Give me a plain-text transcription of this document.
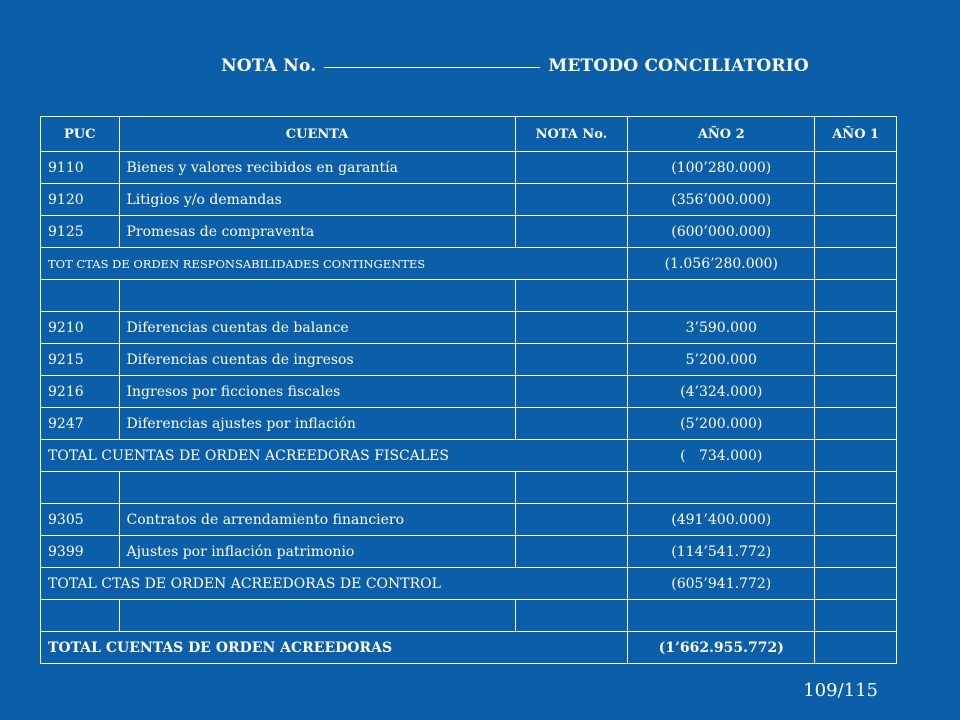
NOTA No.	METODO CONCILIATORIO
PUC	CUENTA	NOTA No.	AÑO 2	AÑO 1
9110	Bienes y valores recibidos en garantía		(100’280.000)	
9120	Litigios y/o demandas		(356’000.000)	
9125	Promesas de compraventa		(600’000.000)	
TOT CTAS DE ORDEN RESPONSABILIDADES CONTINGENTES			(1.056’280.000)	

9210	Diferencias cuentas de balance		3’590.000	
9215	Diferencias cuentas de ingresos		5’200.000	
9216	Ingresos por ficciones fiscales		(4’324.000)	
9247	Diferencias ajustes por inflación		(5’200.000)	
TOTAL CUENTAS DE ORDEN ACREEDORAS FISCALES			(   734.000)	

9305	Contratos de arrendamiento financiero		(491’400.000)	
9399	Ajustes por inflación patrimonio		(114’541.772)	
TOTAL CTAS DE ORDEN ACREEDORAS DE CONTROL			(605’941.772)	

TOTAL CUENTAS DE ORDEN ACREEDORAS			(1’662.955.772)	
109/115
